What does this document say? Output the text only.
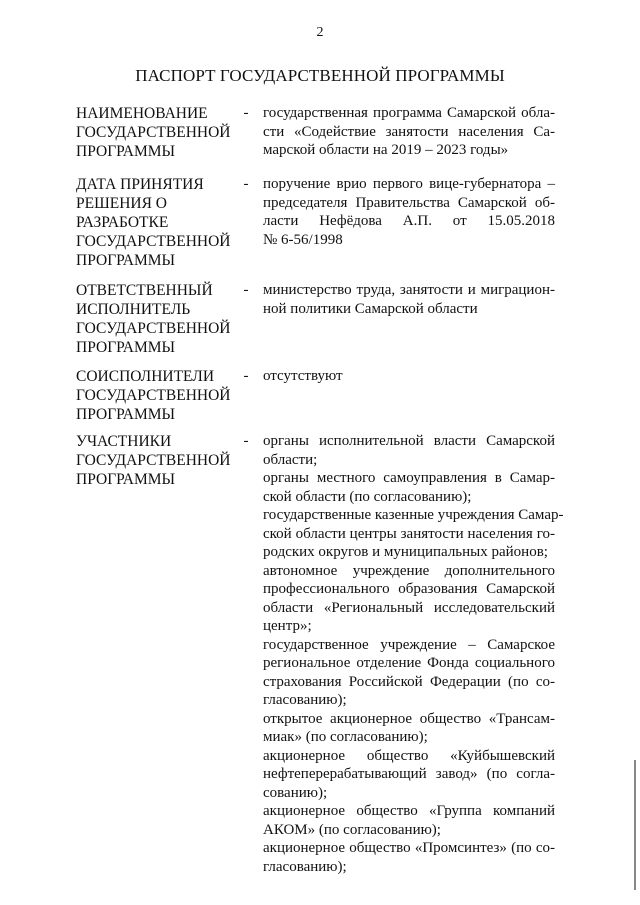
2
ПАСПОРТ ГОСУДАРСТВЕННОЙ ПРОГРАММЫ
НАИМЕНОВАНИЕ
ГОСУДАРСТВЕННОЙ
ПРОГРАММЫ
- государственная программа Самарской обла-
сти «Содействие занятости населения Са-
марской области на 2019 – 2023 годы»
ДАТА ПРИНЯТИЯ
РЕШЕНИЯ О
РАЗРАБОТКЕ
ГОСУДАРСТВЕННОЙ
ПРОГРАММЫ
- поручение врио первого вице-губернатора –
председателя Правительства Самарской об-
ласти Нефёдова А.П. от 15.05.2018
№ 6-56/1998
ОТВЕТСТВЕННЫЙ
ИСПОЛНИТЕЛЬ
ГОСУДАРСТВЕННОЙ
ПРОГРАММЫ
- министерство труда, занятости и миграцион-
ной политики Самарской области
СОИСПОЛНИТЕЛИ
ГОСУДАРСТВЕННОЙ
ПРОГРАММЫ
- отсутствуют
УЧАСТНИКИ
ГОСУДАРСТВЕННОЙ
ПРОГРАММЫ
- органы исполнительной власти Самарской
области;
органы местного самоуправления в Самар-
ской области (по согласованию);
государственные казенные учреждения Самар-
ской области центры занятости населения го-
родских округов и муниципальных районов;
автономное учреждение дополнительного
профессионального образования Самарской
области «Региональный исследовательский
центр»;
государственное учреждение – Самарское
региональное отделение Фонда социального
страхования Российской Федерации (по со-
гласованию);
открытое акционерное общество «Трансам-
миак» (по согласованию);
акционерное общество «Куйбышевский
нефтеперерабатывающий завод» (по согла-
сованию);
акционерное общество «Группа компаний
АКОМ» (по согласованию);
акционерное общество «Промсинтез» (по со-
гласованию);
